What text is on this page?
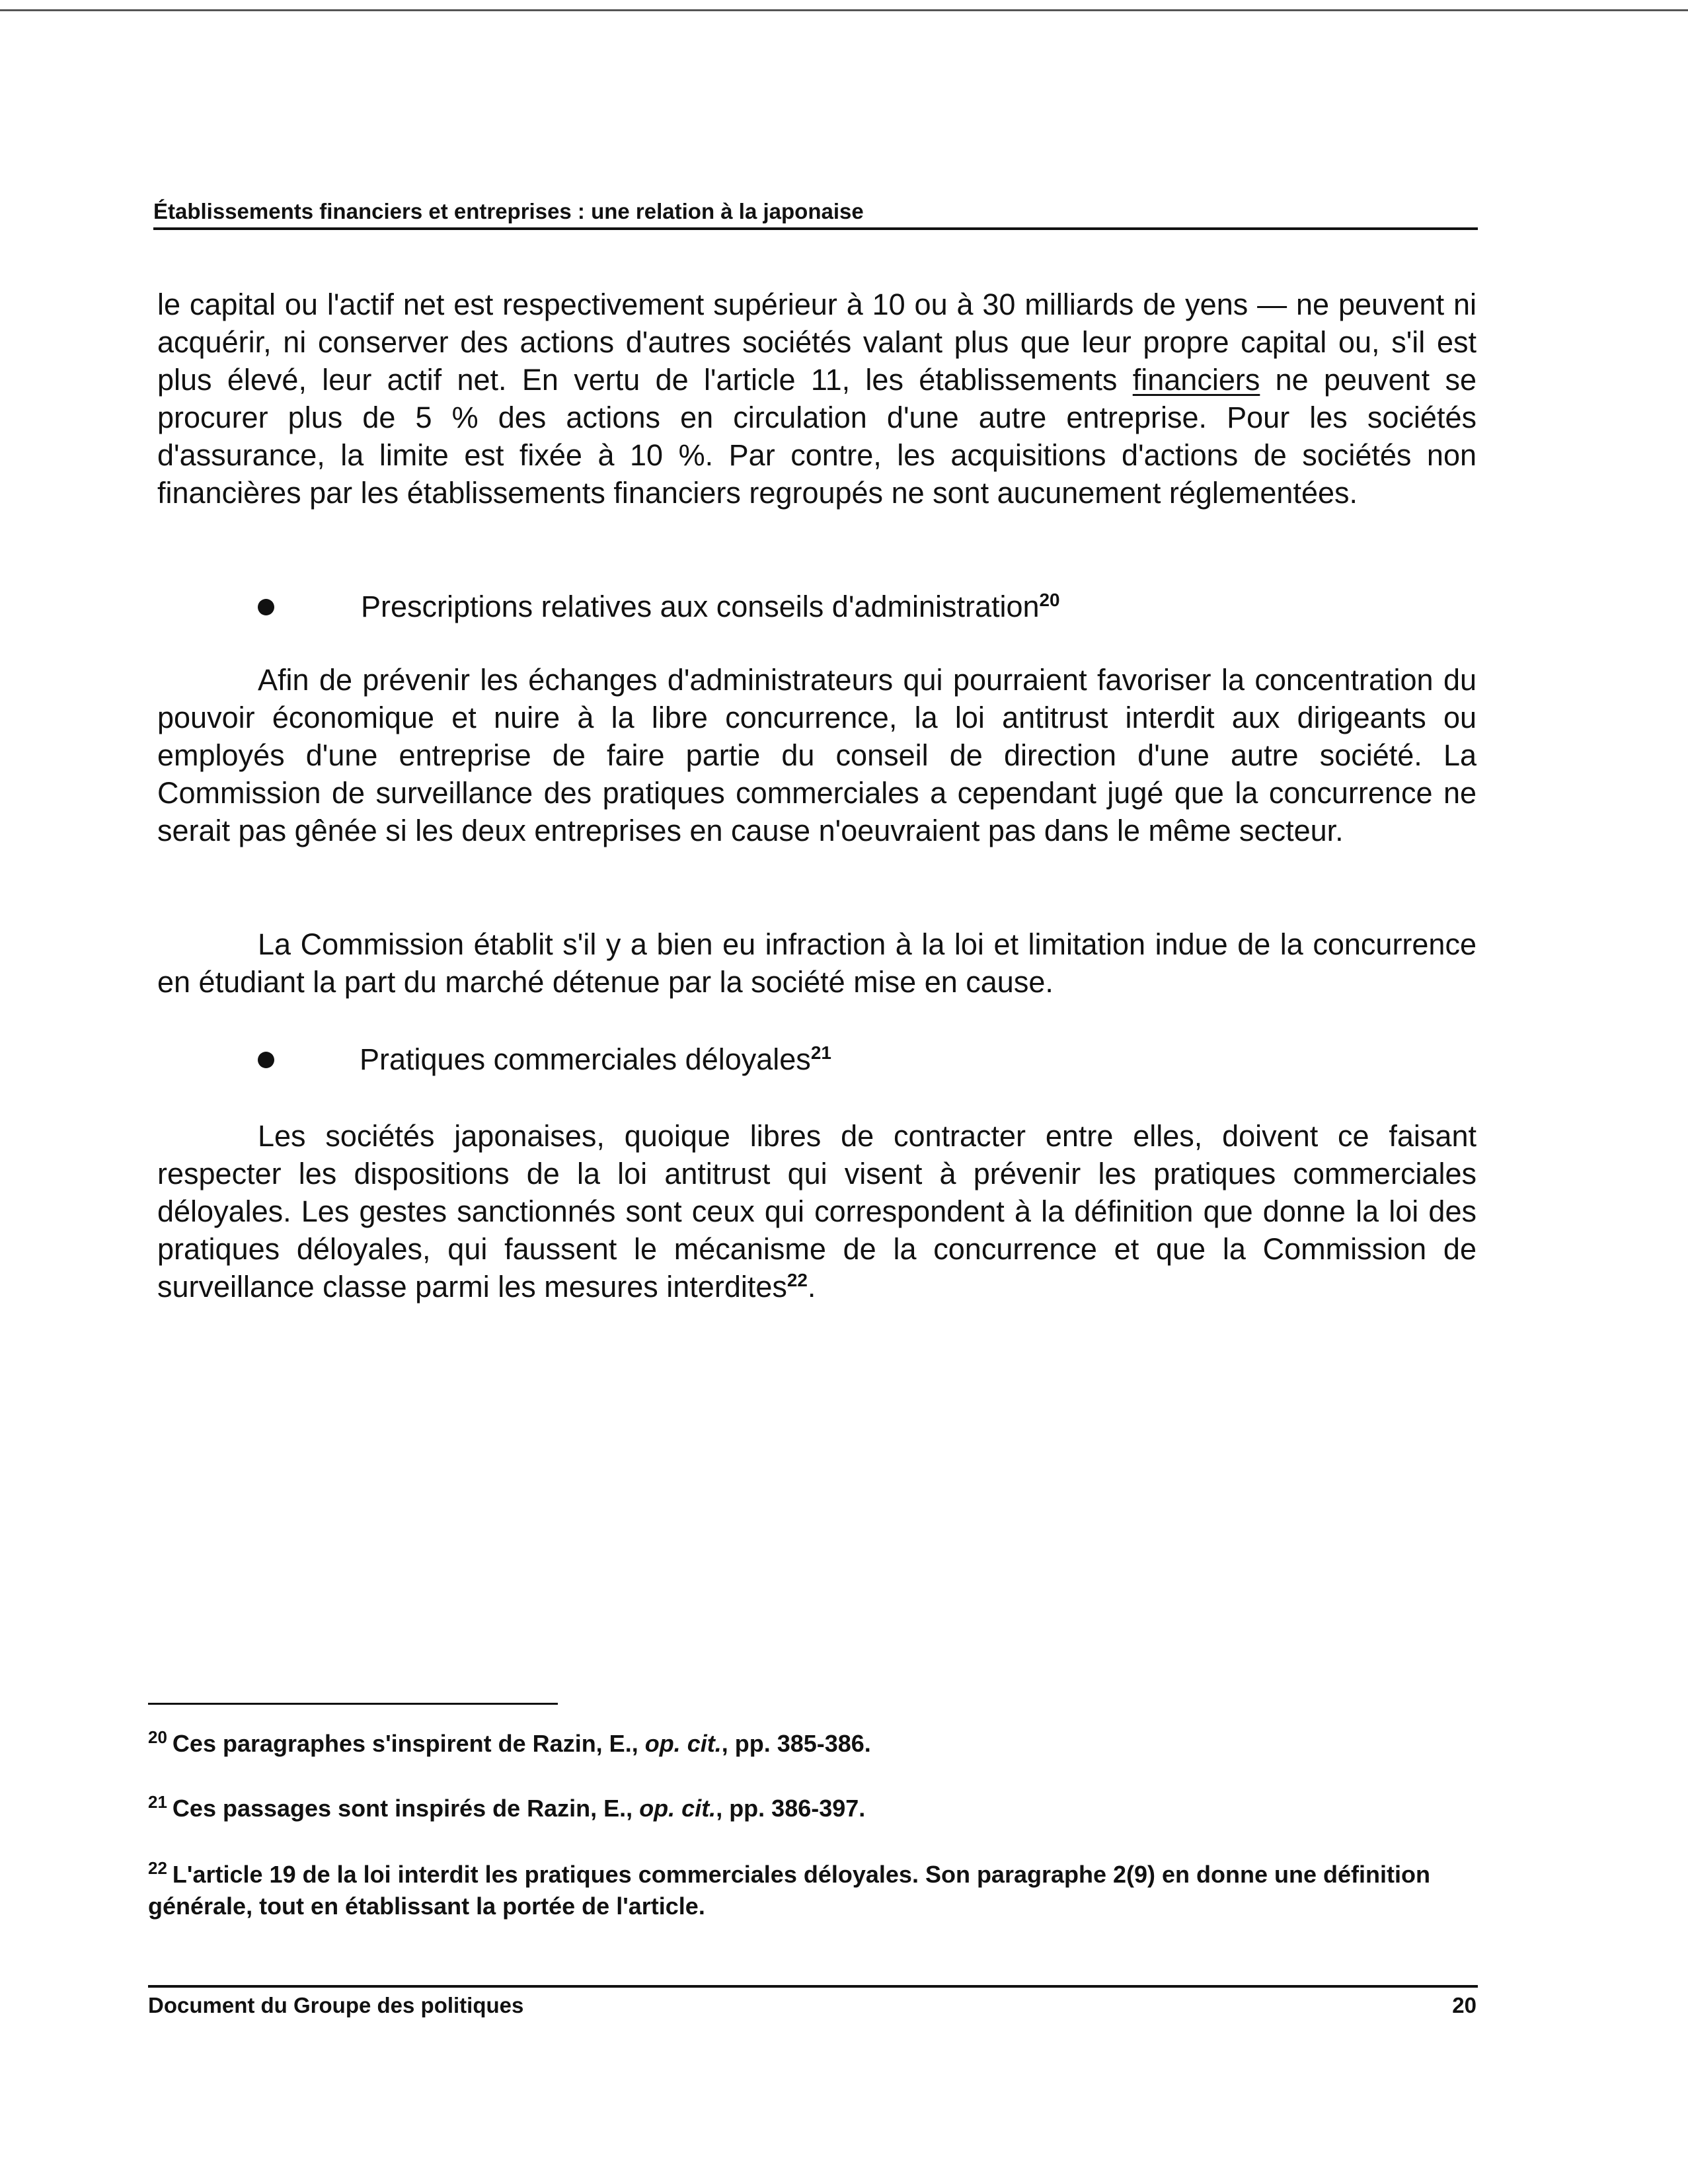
Établissements financiers et entreprises : une relation à la japonaise

le capital ou l'actif net est respectivement supérieur à 10 ou à 30 milliards de yens — ne peuvent ni acquérir, ni conserver des actions d'autres sociétés valant plus que leur propre capital ou, s'il est plus élevé, leur actif net. En vertu de l'article 11, les établissements financiers ne peuvent se procurer plus de 5 % des actions en circulation d'une autre entreprise. Pour les sociétés d'assurance, la limite est fixée à 10 %. Par contre, les acquisitions d'actions de sociétés non financières par les établissements financiers regroupés ne sont aucunement réglementées.

Prescriptions relatives aux conseils d'administration$^{20}$

Afin de prévenir les échanges d'administrateurs qui pourraient favoriser la concentration du pouvoir économique et nuire à la libre concurrence, la loi antitrust interdit aux dirigeants ou employés d'une entreprise de faire partie du conseil de direction d'une autre société. La Commission de surveillance des pratiques commerciales a cependant jugé que la concurrence ne serait pas gênée si les deux entreprises en cause n'oeuvraient pas dans le même secteur.

La Commission établit s'il y a bien eu infraction à la loi et limitation indue de la concurrence en étudiant la part du marché détenue par la société mise en cause.

Pratiques commerciales déloyales$^{21}$

Les sociétés japonaises, quoique libres de contracter entre elles, doivent ce faisant respecter les dispositions de la loi antitrust qui visent à prévenir les pratiques commerciales déloyales. Les gestes sanctionnés sont ceux qui correspondent à la définition que donne la loi des pratiques déloyales, qui faussent le mécanisme de la concurrence et que la Commission de surveillance classe parmi les mesures interdites$^{22}$.

$^{20}$ Ces paragraphes s'inspirent de Razin, E., op. cit., pp. 385-386.

$^{21}$ Ces passages sont inspirés de Razin, E., op. cit., pp. 386-397.

$^{22}$ L'article 19 de la loi interdit les pratiques commerciales déloyales. Son paragraphe 2(9) en donne une définition générale, tout en établissant la portée de l'article.

Document du Groupe des politiques	20
